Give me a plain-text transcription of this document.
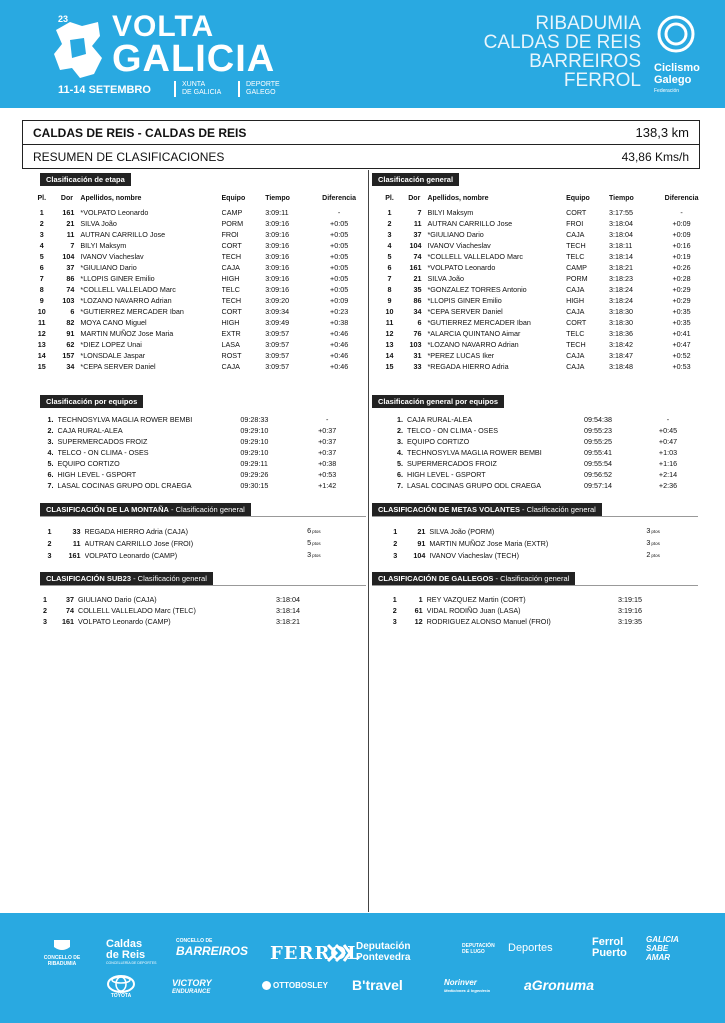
23 VOLTA
GALICIA
11-14 SETEMBRO	XUNTA
DE GALICIA
DEPORTE
GALEGO
RIBADUMIA
CALDAS DE REIS
BARREIROS
FERROL
Ciclismo
Galego
Federación
CALDAS DE REIS - CALDAS DE REIS	138,3 km
RESUMEN DE CLASIFICACIONES	43,86 Kms/h
Clasificación de etapa
Pl.	Dor	Apellidos, nombre	Equipo	Tiempo	Diferencia
1	161	*VOLPATO Leonardo	CAMP	3:09:11	-
2	21	SILVA João	PORM	3:09:16	+0:05
3	11	AUTRAN CARRILLO Jose	FROI	3:09:16	+0:05
4	7	BILYI Maksym	CORT	3:09:16	+0:05
5	104	IVANOV Viacheslav	TECH	3:09:16	+0:05
6	37	*GIULIANO Dario	CAJA	3:09:16	+0:05
7	86	*LLOPIS GINER Emilio	HIGH	3:09:16	+0:05
8	74	*COLLELL VALLELADO Marc	TELC	3:09:16	+0:05
9	103	*LOZANO NAVARRO Adrian	TECH	3:09:20	+0:09
10	6	*GUTIERREZ MERCADER Iban	CORT	3:09:34	+0:23
11	82	MOYA CANO Miguel	HIGH	3:09:49	+0:38
12	91	MARTIN MUÑOZ Jose Maria	EXTR	3:09:57	+0:46
13	62	*DIEZ LOPEZ Unai	LASA	3:09:57	+0:46
14	157	*LONSDALE Jaspar	ROST	3:09:57	+0:46
15	34	*CEPA SERVER Daniel	CAJA	3:09:57	+0:46
Clasificación general
Pl.	Dor	Apellidos, nombre	Equipo	Tiempo	Diferencia
1	7	BILYI Maksym	CORT	3:17:55	-
2	11	AUTRAN CARRILLO Jose	FROI	3:18:04	+0:09
3	37	*GIULIANO Dario	CAJA	3:18:04	+0:09
4	104	IVANOV Viacheslav	TECH	3:18:11	+0:16
5	74	*COLLELL VALLELADO Marc	TELC	3:18:14	+0:19
6	161	*VOLPATO Leonardo	CAMP	3:18:21	+0:26
7	21	SILVA João	PORM	3:18:23	+0:28
8	35	*GONZALEZ TORRES Antonio	CAJA	3:18:24	+0:29
9	86	*LLOPIS GINER Emilio	HIGH	3:18:24	+0:29
10	34	*CEPA SERVER Daniel	CAJA	3:18:30	+0:35
11	6	*GUTIERREZ MERCADER Iban	CORT	3:18:30	+0:35
12	76	*ALARCIA QUINTANO Aimar	TELC	3:18:36	+0:41
13	103	*LOZANO NAVARRO Adrian	TECH	3:18:42	+0:47
14	31	*PEREZ LUCAS Iker	CAJA	3:18:47	+0:52
15	33	*REGADA HIERRO Adria	CAJA	3:18:48	+0:53
Clasificación por equipos
1.	TECHNOSYLVA MAGLIA ROWER BEMBI	09:28:33	-
2.	CAJA RURAL-ALEA	09:29:10	+0:37
3.	SUPERMERCADOS FROIZ	09:29:10	+0:37
4.	TELCO - ON CLIMA - OSES	09:29:10	+0:37
5.	EQUIPO CORTIZO	09:29:11	+0:38
6.	HIGH LEVEL - GSPORT	09:29:26	+0:53
7.	LASAL COCINAS GRUPO ODL CRAEGA	09:30:15	+1:42
Clasificación general por equipos
1.	CAJA RURAL-ALEA	09:54:38	-
2.	TELCO - ON CLIMA - OSES	09:55:23	+0:45
3.	EQUIPO CORTIZO	09:55:25	+0:47
4.	TECHNOSYLVA MAGLIA ROWER BEMBI	09:55:41	+1:03
5.	SUPERMERCADOS FROIZ	09:55:54	+1:16
6.	HIGH LEVEL - GSPORT	09:56:52	+2:14
7.	LASAL COCINAS GRUPO ODL CRAEGA	09:57:14	+2:36
CLASIFICACIÓN DE LA MONTAÑA - Clasificación general
1	33	REGADA HIERRO Adria (CAJA)	6ptos
2	11	AUTRAN CARRILLO Jose (FROI)	5ptos
3	161	VOLPATO Leonardo (CAMP)	3ptos
CLASIFICACIÓN DE METAS VOLANTES - Clasificación general
1	21	SILVA João (PORM)	3ptos
2	91	MARTIN MUÑOZ Jose Maria (EXTR)	3ptos
3	104	IVANOV Viacheslav (TECH)	2ptos
CLASIFICACIÓN SUB23 - Clasificación general
1	37	GIULIANO Dario (CAJA)	3:18:04
2	74	COLLELL VALLELADO Marc (TELC)	3:18:14
3	161	VOLPATO Leonardo (CAMP)	3:18:21
CLASIFICACIÓN DE GALLEGOS - Clasificación general
1	1	REY VAZQUEZ Martin (CORT)	3:19:15
2	61	VIDAL RODIÑO Juan (LASA)	3:19:16
3	12	RODRIGUEZ ALONSO Manuel (FROI)	3:19:35
CONCELLO DE
RIBADUMIA
Caldas
de Reis
CONCELLERÍA DE DEPORTES
CONCELLO DE
BARREIROS FERROL
Deputación
Pontevedra
DEPUTACIÓN
DE LUGO	Deportes	Ferrol
Puerto
GALICIA
SABE
AMAR
TOYOTA
VICTORY
ENDURANCE
OTTOBOSLEY B'travel	Norinver
Mediciones & Ingeniería aGronuma
